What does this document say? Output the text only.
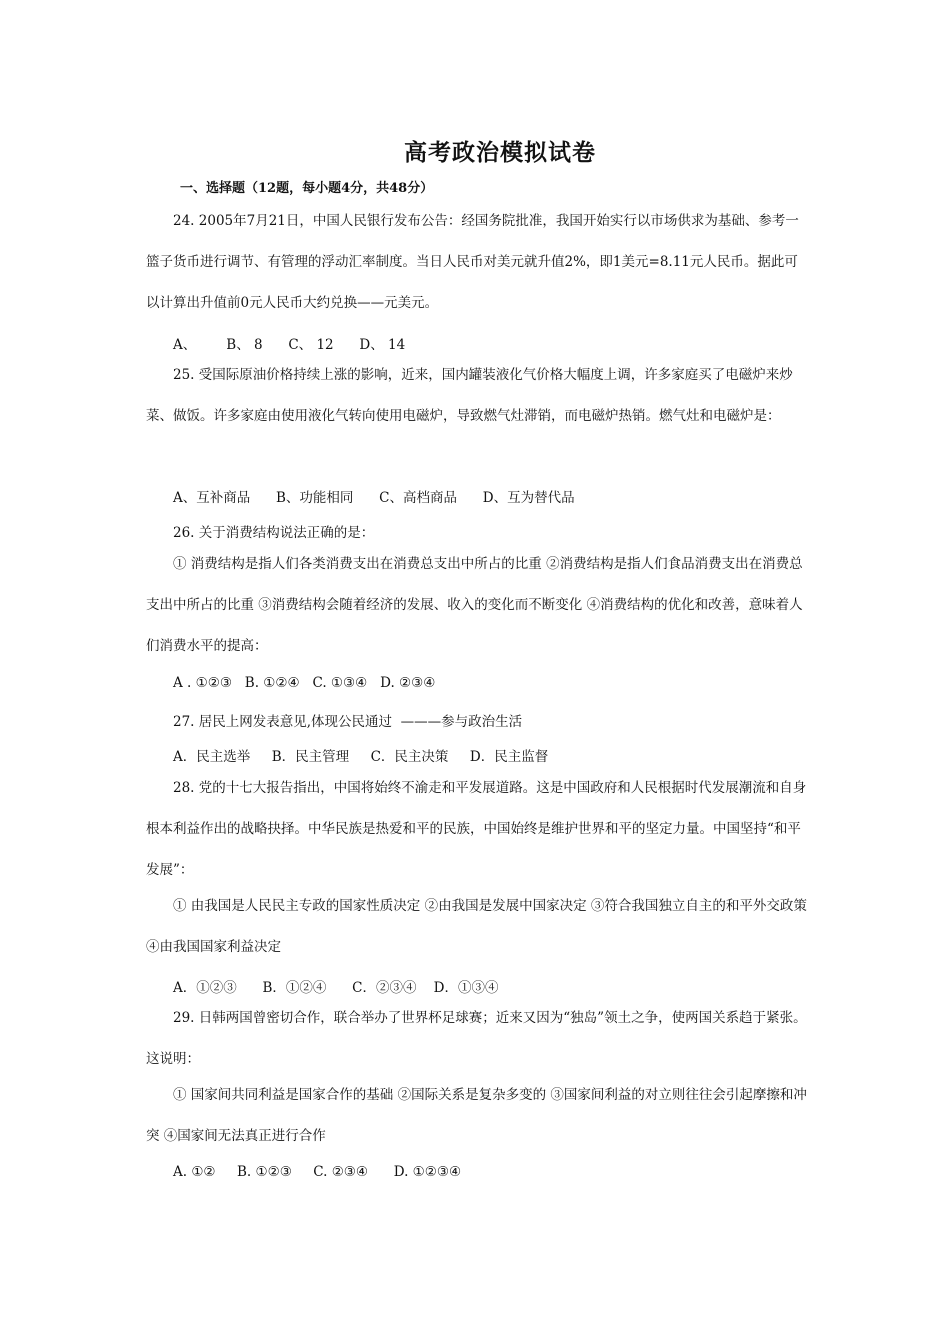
高考政治模拟试卷
一、选择题（12题，每小题4分，共48分）

24. 2005年7月21日，中国人民银行发布公告：经国务院批准，我国开始实行以市场供求为基础、参考一篮子货币进行调节、有管理的浮动汇率制度。当日人民币对美元就升值2%，即1美元=8.11元人民币。据此可以计算出升值前0元人民币大约兑换——元美元。

A、       B、 8      C、 12      D、 14

25. 受国际原油价格持续上涨的影响，近来，国内罐装液化气价格大幅度上调，许多家庭买了电磁炉来炒菜、做饭。许多家庭由使用液化气转向使用电磁炉，导致燃气灶滞销，而电磁炉热销。燃气灶和电磁炉是：

A、互补商品      B、功能相同      C、高档商品      D、互为替代品
26. 关于消费结构说法正确的是：

① 消费结构是指人们各类消费支出在消费总支出中所占的比重 ②消费结构是指人们食品消费支出在消费总支出中所占的比重 ③消费结构会随着经济的发展、收入的变化而不断变化 ④消费结构的优化和改善，意味着人们消费水平的提高：

A . ①②③   B. ①②④   C. ①③④   D. ②③④
27. 居民上网发表意见,体现公民通过  ———参与政治生活
A．民主选举     B．民主管理     C．民主决策     D．民主监督

28. 党的十七大报告指出，中国将始终不渝走和平发展道路。这是中国政府和人民根据时代发展潮流和自身根本利益作出的战略抉择。中华民族是热爱和平的民族，中国始终是维护世界和平的坚定力量。中国坚持“和平发展”：

① 由我国是人民民主专政的国家性质决定 ②由我国是发展中国家决定 ③符合我国独立自主的和平外交政策 ④由我国国家利益决定

A．①②③      B．①②④      C．②③④    D．①③④

29. 日韩两国曾密切合作，联合举办了世界杯足球赛；近来又因为“独岛”领土之争，使两国关系趋于紧张。这说明：

① 国家间共同利益是国家合作的基础 ②国际关系是复杂多变的 ③国家间利益的对立则往往会引起摩擦和冲突 ④国家间无法真正进行合作

A. ①②     B. ①②③     C. ②③④      D. ①②③④
